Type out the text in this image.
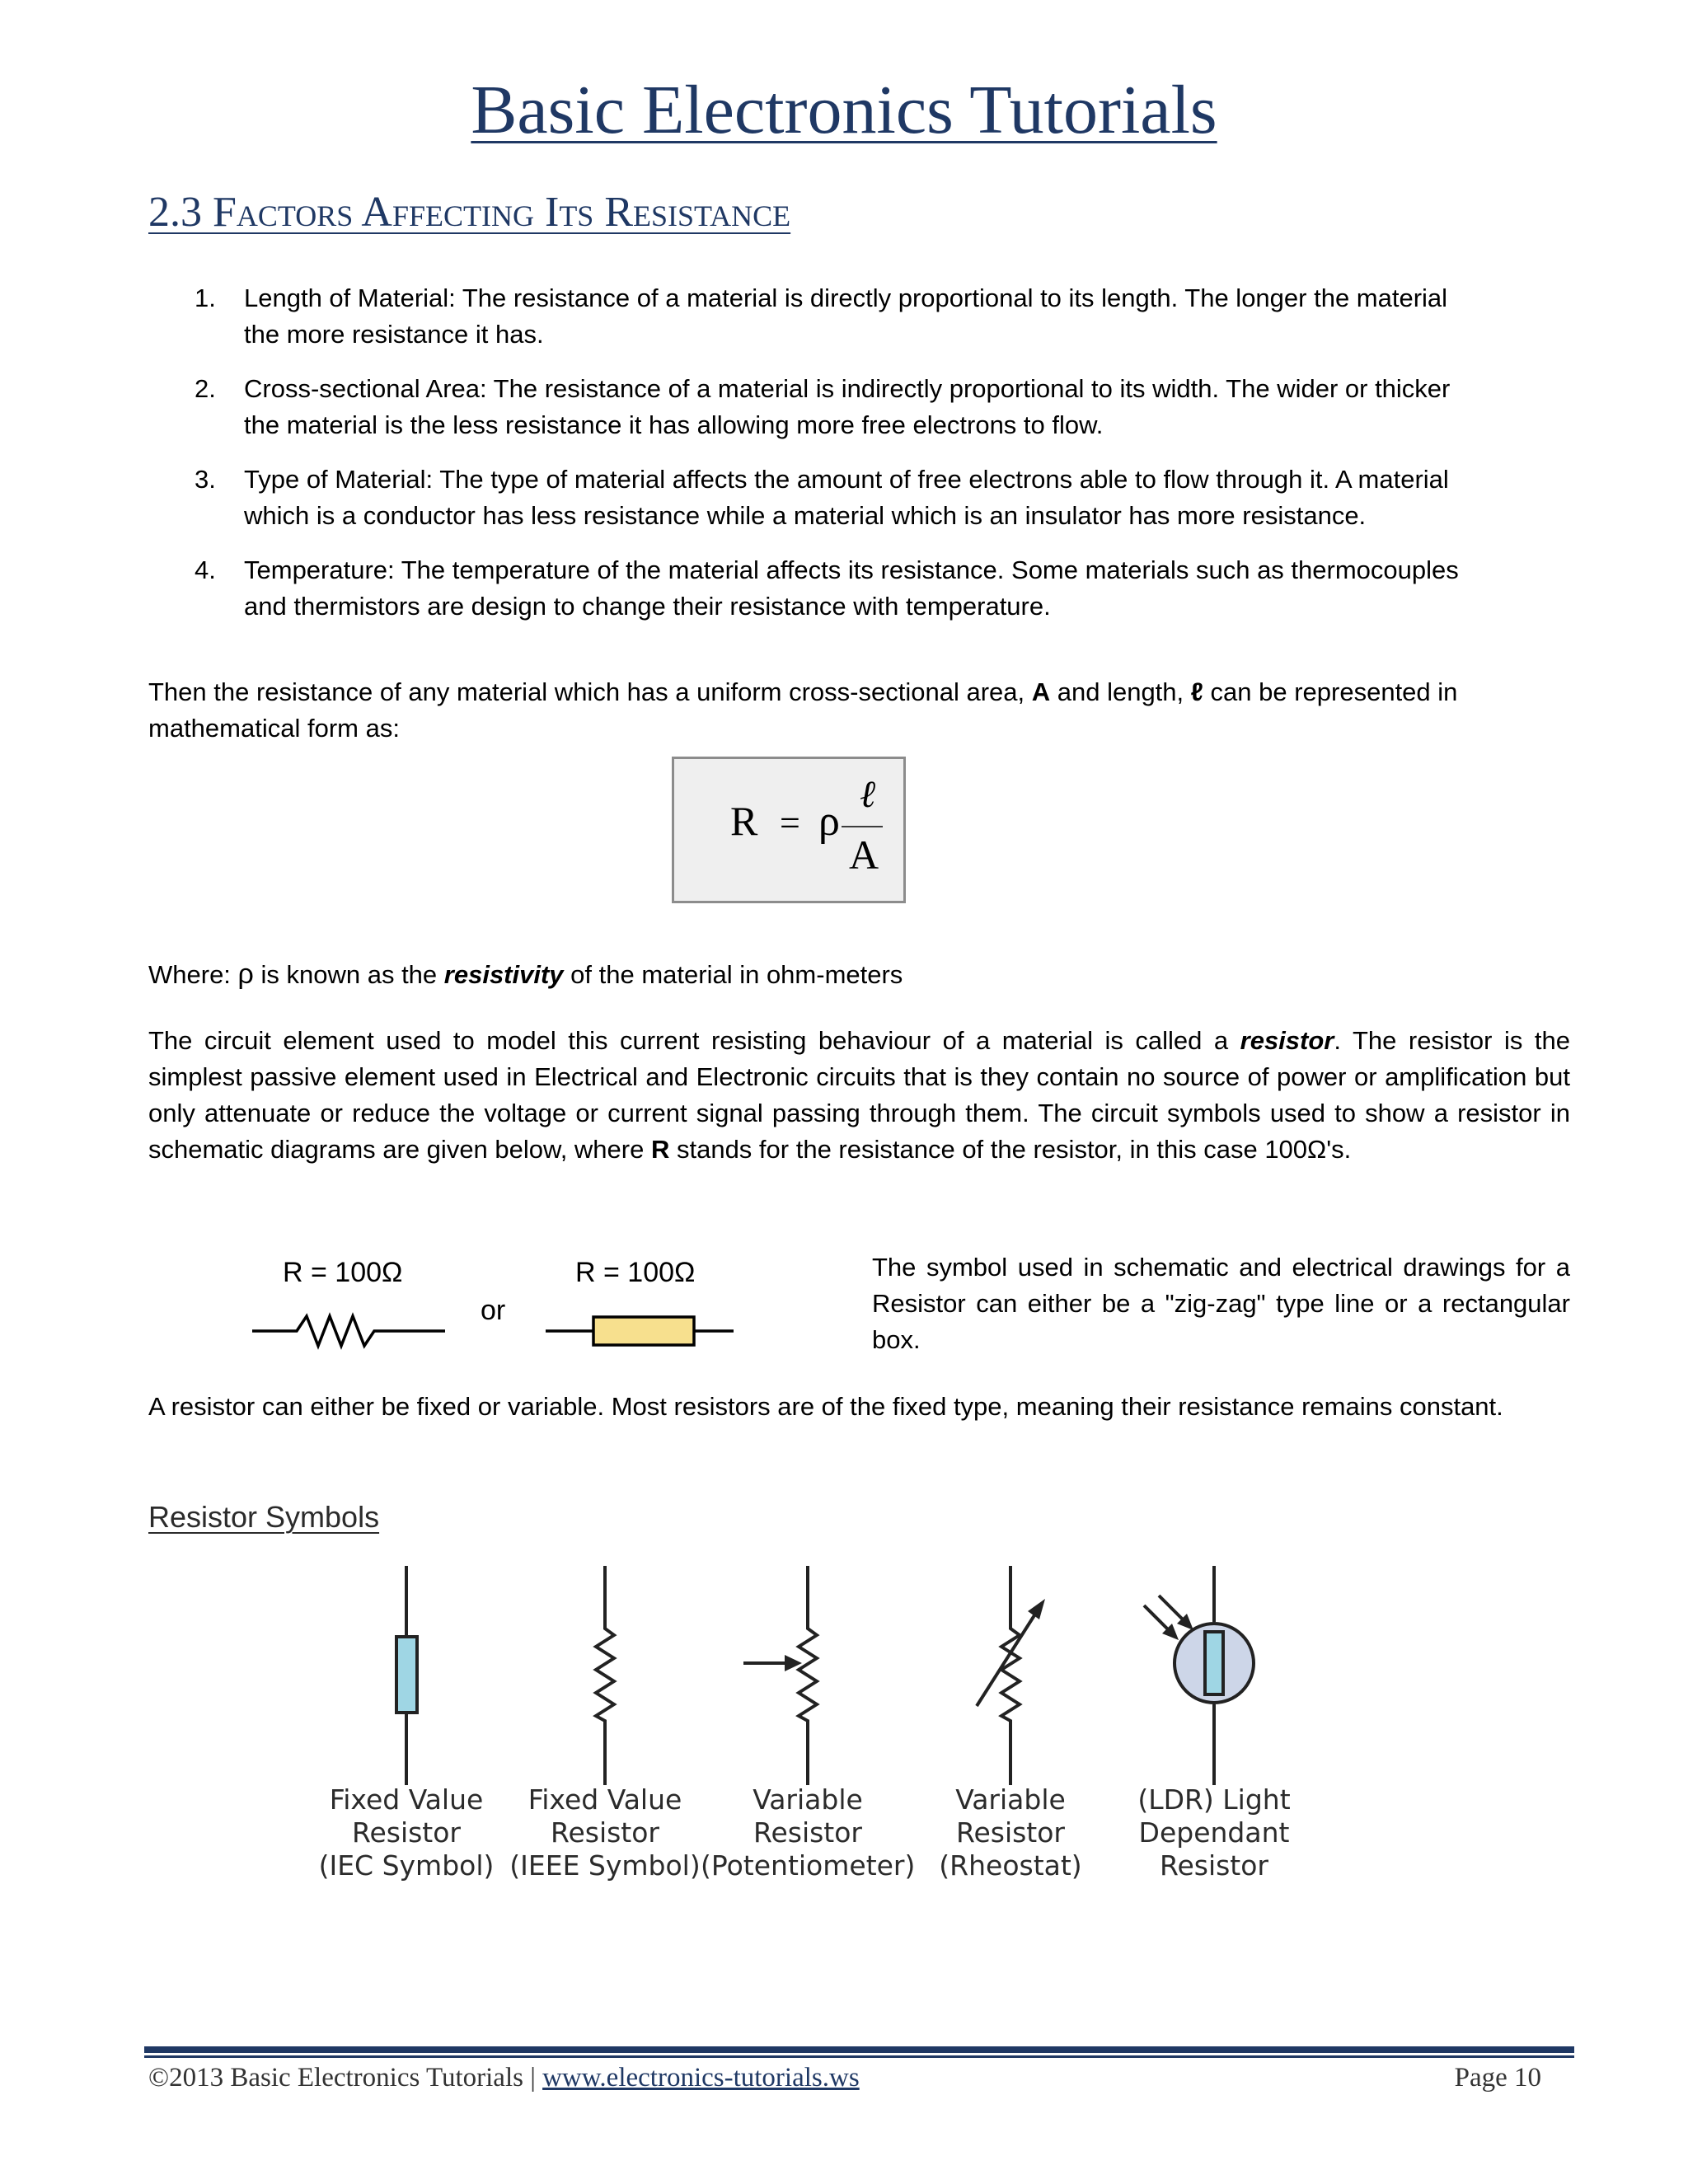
Basic Electronics Tutorials
2.3 Factors Affecting Its Resistance
1. Length of Material: The resistance of a material is directly proportional to its length. The longer the material
the more resistance it has.
2. Cross-sectional Area: The resistance of a material is indirectly proportional to its width. The wider or thicker
the material is the less resistance it has allowing more free electrons to flow.
3. Type of Material: The type of material affects the amount of free electrons able to flow through it. A material
which is a conductor has less resistance while a material which is an insulator has more resistance.
4. Temperature: The temperature of the material affects its resistance. Some materials such as thermocouples
and thermistors are design to change their resistance with temperature.
Then the resistance of any material which has a uniform cross-sectional area, A and length, ℓ can be represented in
mathematical form as:
R = ρ
ℓ
A
Where: ρ is known as the resistivity of the material in ohm-meters
The circuit element used to model this current resisting behaviour of a material is called a resistor. The resistor is the simplest passive element used in Electrical and Electronic circuits that is they contain no source of power or amplification but only attenuate or reduce the voltage or current signal passing through them. The circuit symbols used to show a resistor in schematic diagrams are given below, where R stands for the resistance of the resistor, in this case 100Ω's.
R = 100Ω
or
R = 100Ω	The symbol used in schematic and electrical drawings for a Resistor can either be a "zig-zag" type line or a rectangular box.

A resistor can either be fixed or variable. Most resistors are of the fixed type, meaning their resistance remains constant.
Resistor Symbols
Fixed Value
Resistor
(IEC Symbol)
Fixed Value
Resistor
(IEEE Symbol)
Variable
Resistor
(Potentiometer)
Variable
Resistor
(Rheostat)
(LDR) Light
Dependant
Resistor
©2013 Basic Electronics Tutorials | www.electronics-tutorials.ws	Page 10
